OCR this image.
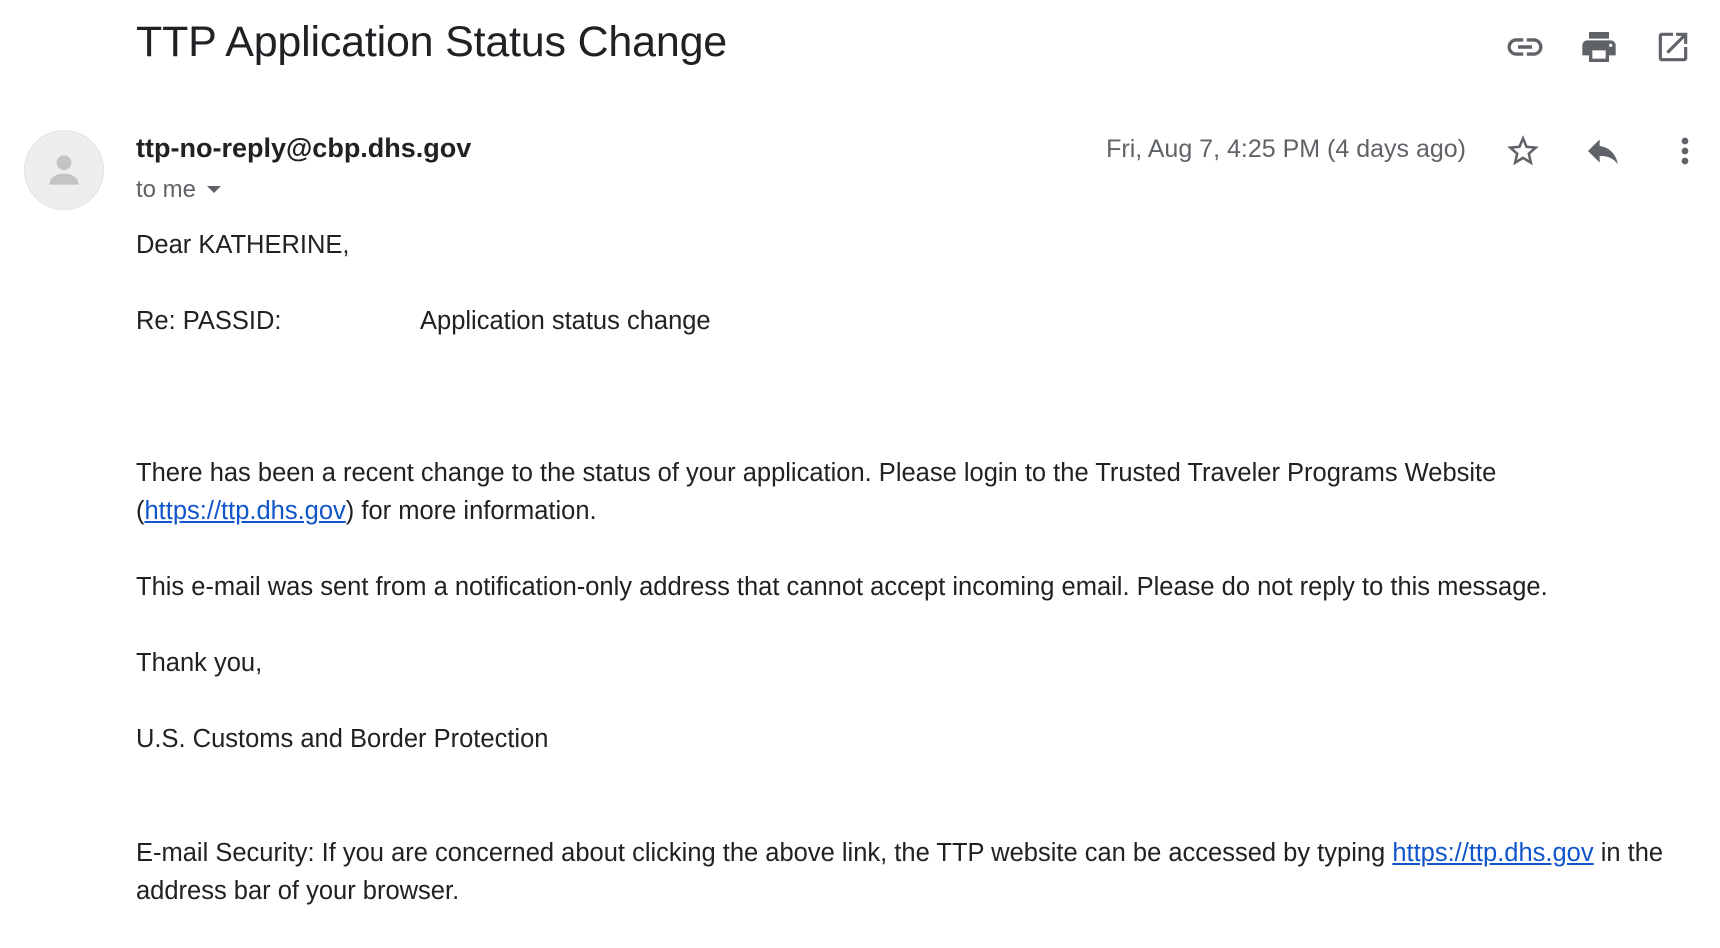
TTP Application Status Change
ttp-no-reply@cbp.dhs.gov
to me
Fri, Aug 7, 4:25 PM (4 days ago)

Dear KATHERINE,

Re: PASSID:	Application status change

There has been a recent change to the status of your application. Please login to the Trusted Traveler Programs Website (https://ttp.dhs.gov) for more information.

This e-mail was sent from a notification-only address that cannot accept incoming email. Please do not reply to this message.

Thank you,

U.S. Customs and Border Protection

E-mail Security: If you are concerned about clicking the above link, the TTP website can be accessed by typing https://ttp.dhs.gov in the address bar of your browser.
